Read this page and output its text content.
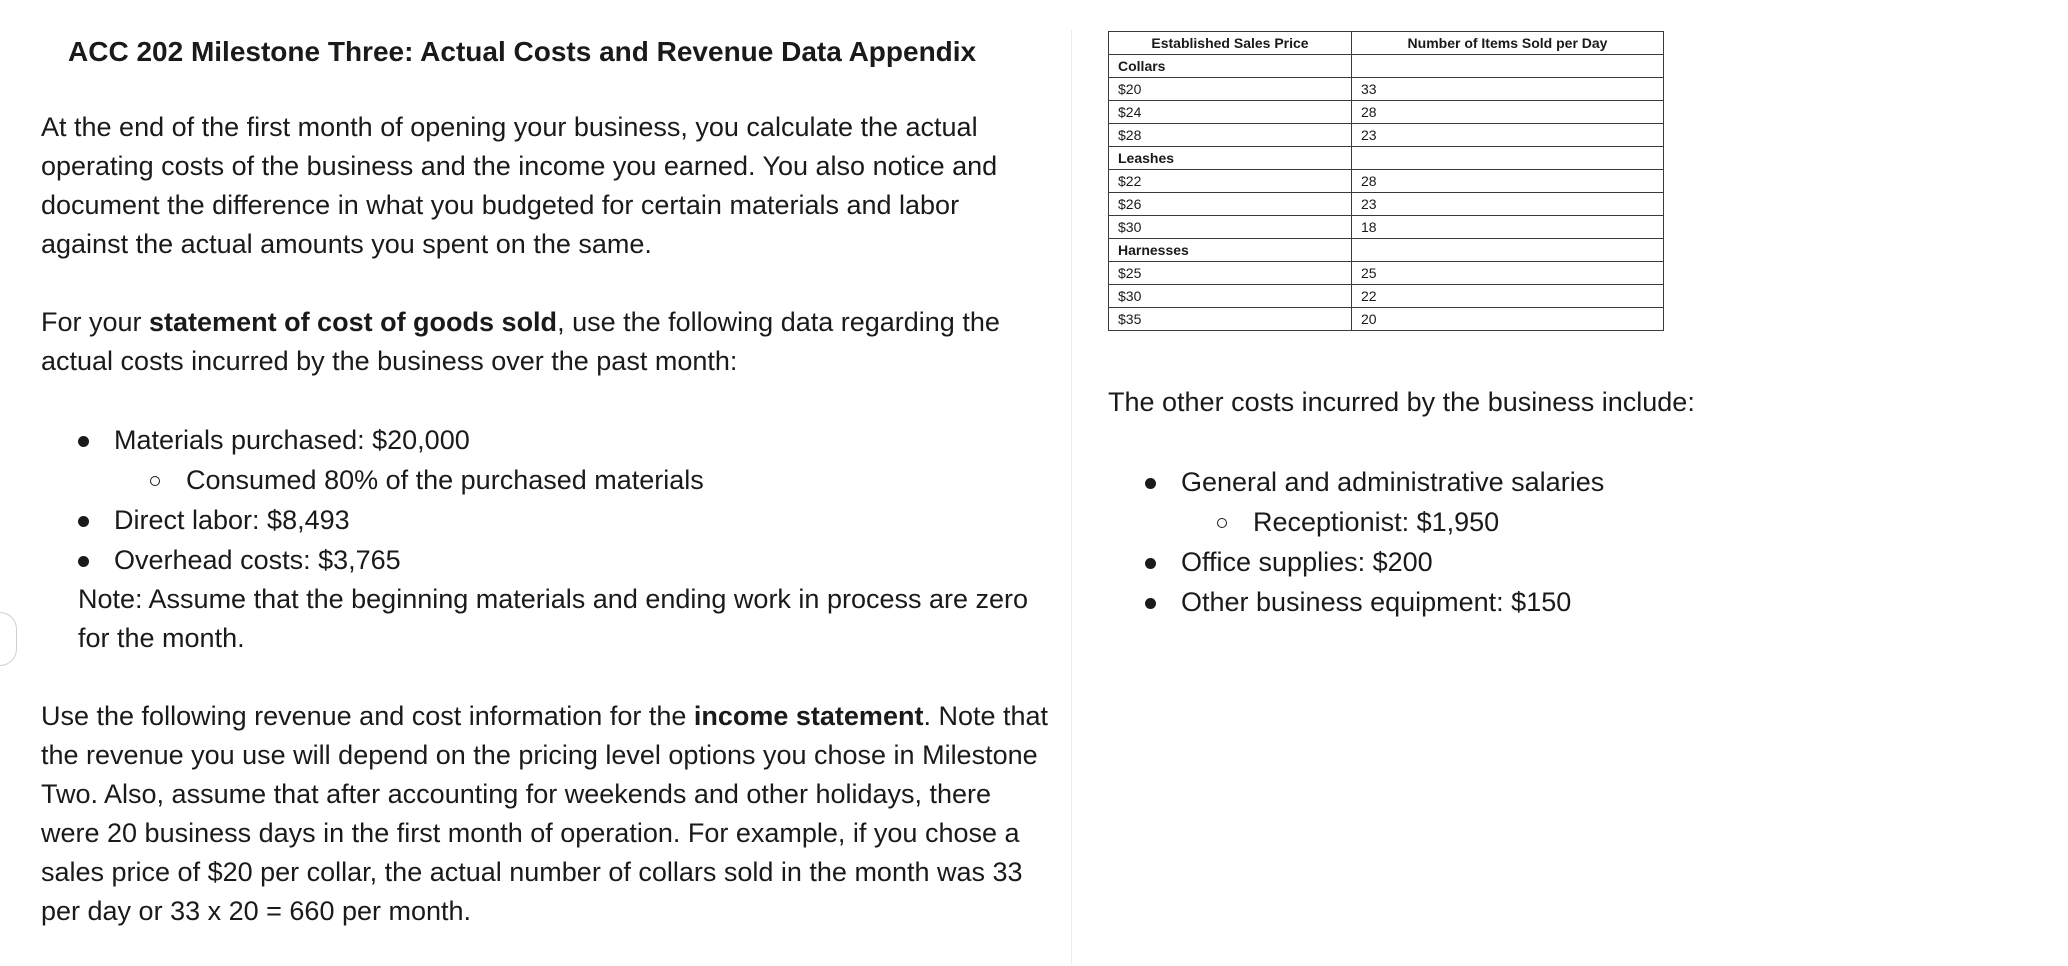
ACC 202 Milestone Three: Actual Costs and Revenue Data Appendix

At the end of the first month of opening your business, you calculate the actual operating costs of the business and the income you earned. You also notice and document the difference in what you budgeted for certain materials and labor against the actual amounts you spent on the same.

For your statement of cost of goods sold, use the following data regarding the actual costs incurred by the business over the past month:

Materials purchased: $20,000
Consumed 80% of the purchased materials
Direct labor: $8,493
Overhead costs: $3,765
Note: Assume that the beginning materials and ending work in process are zero for the month.

Use the following revenue and cost information for the income statement. Note that the revenue you use will depend on the pricing level options you chose in Milestone Two. Also, assume that after accounting for weekends and other holidays, there were 20 business days in the first month of operation. For example, if you chose a sales price of $20 per collar, the actual number of collars sold in the month was 33 per day or 33 x 20 = 660 per month.

Established Sales Price	Number of Items Sold per Day
Collars	
$20	33
$24	28
$28	23
Leashes	
$22	28
$26	23
$30	18
Harnesses	
$25	25
$30	22
$35	20

The other costs incurred by the business include:

General and administrative salaries
Receptionist: $1,950
Office supplies: $200
Other business equipment: $150
